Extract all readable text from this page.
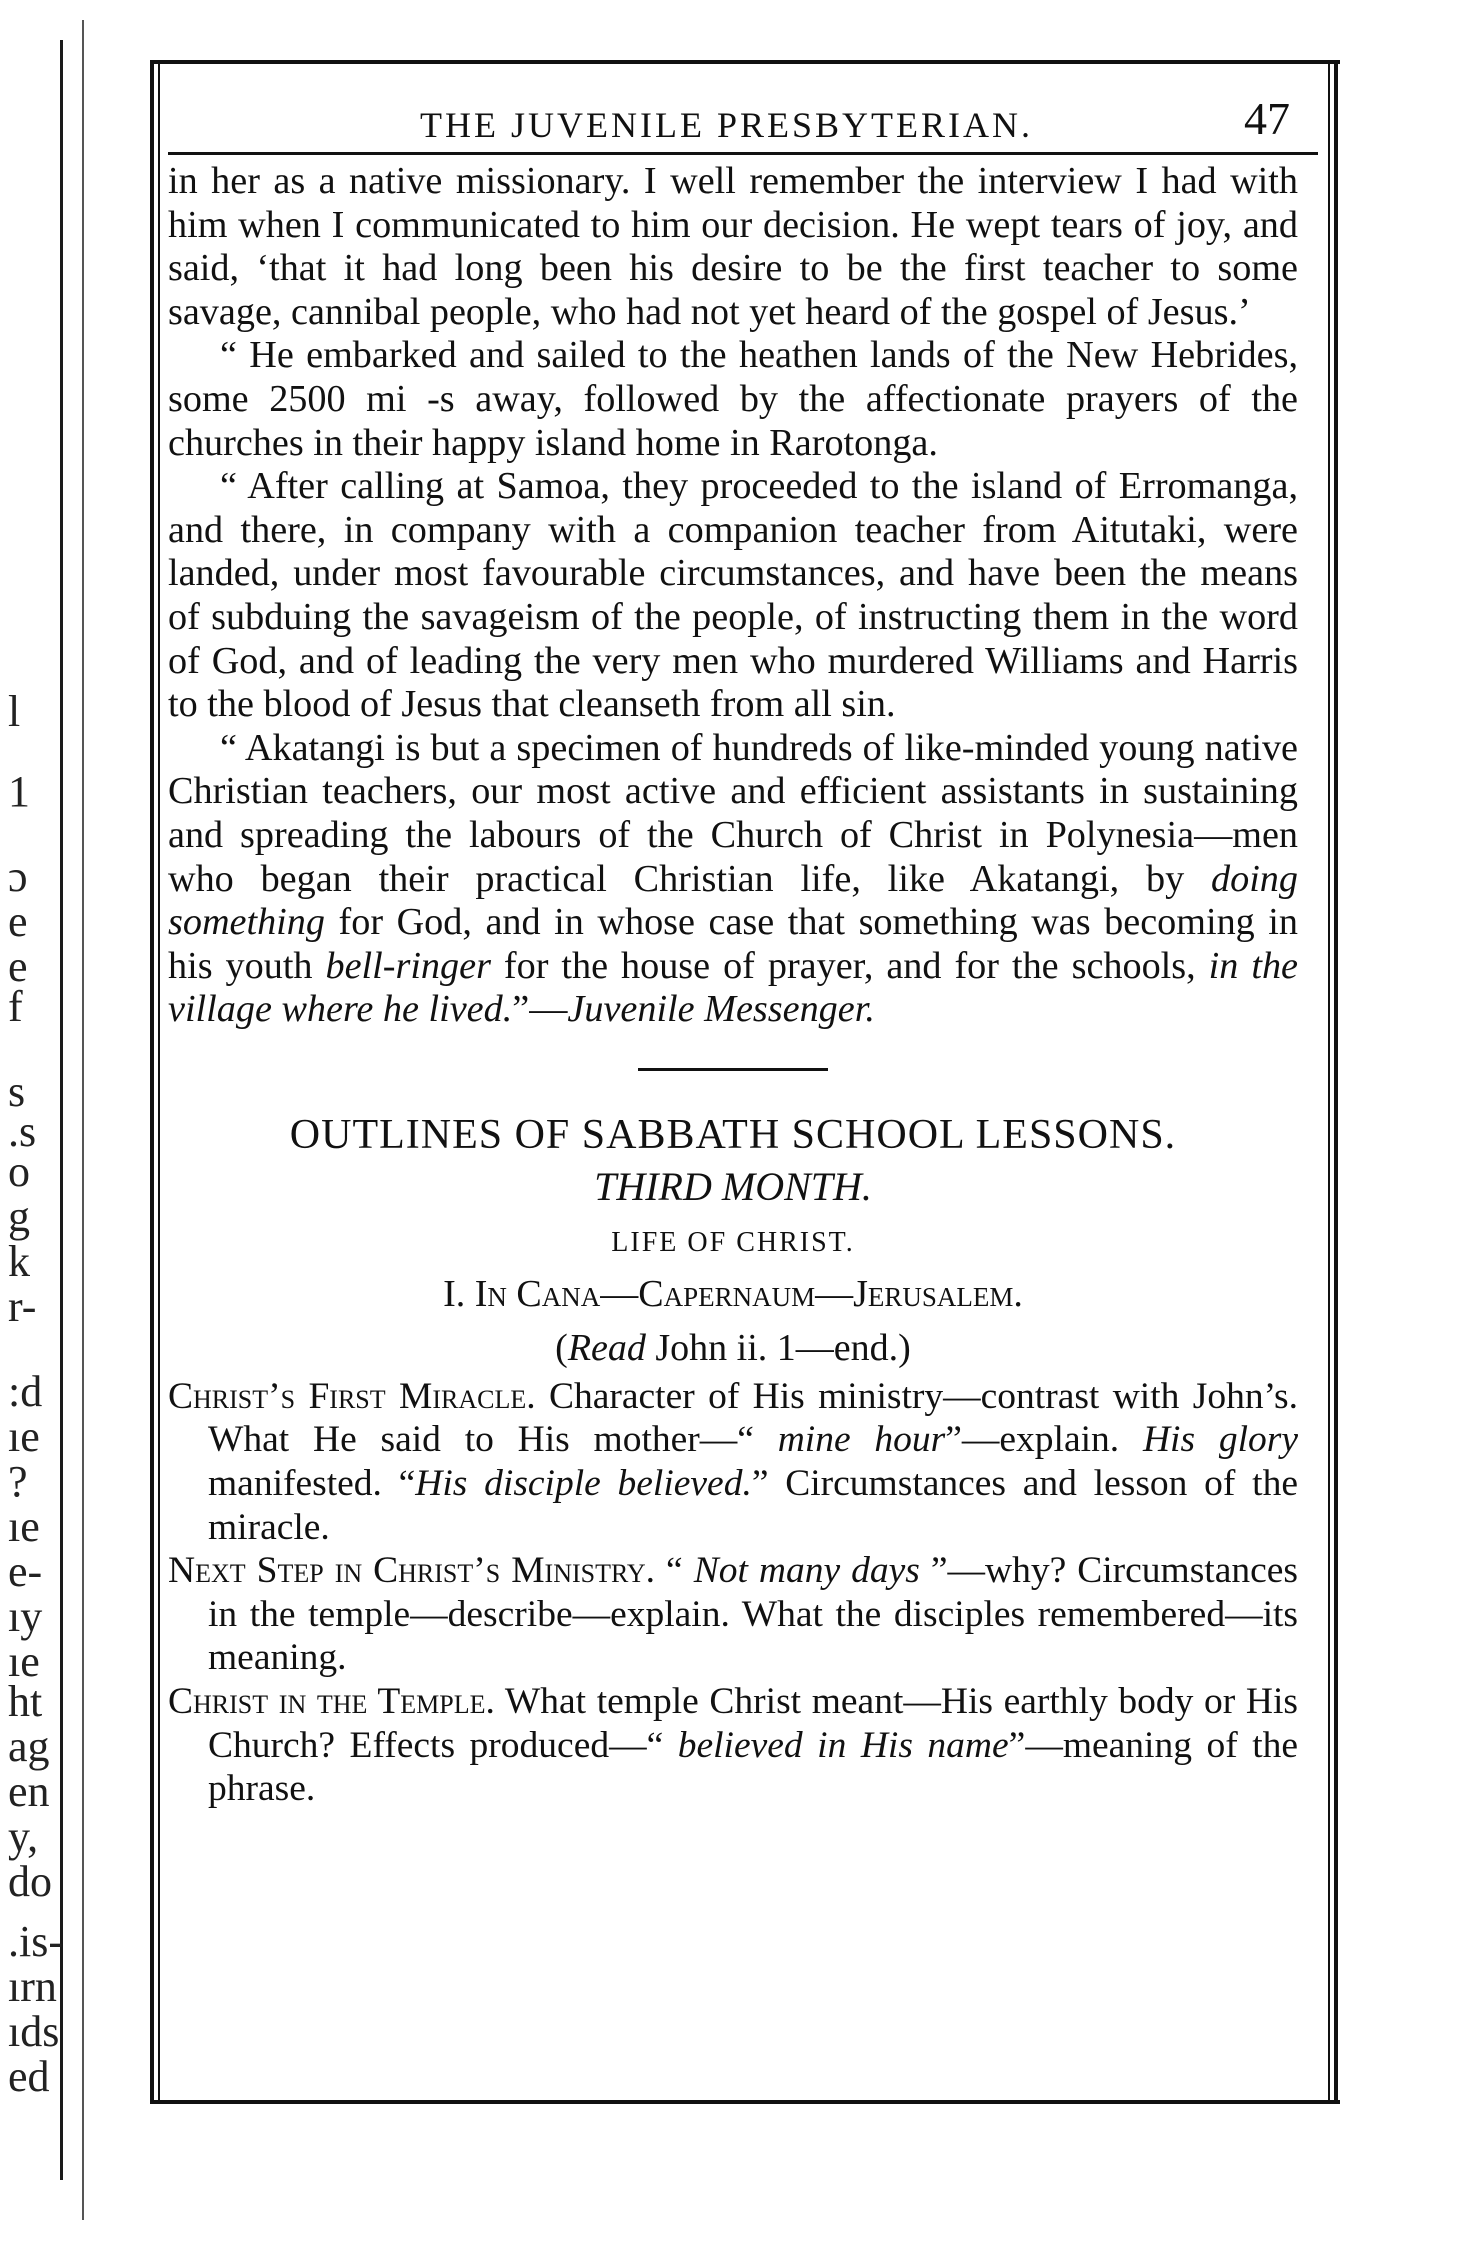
l
1
ɔ
e
e
f
s
.s
o
g
k
r-
:d
ıe
?
ıe
e-
ıy
ıe
ht
ag
en
y,
do
.is-
ırn
ıds
ed
THE JUVENILE PRESBYTERIAN.	47

in her as a native missionary. I well remember the interview I had with him when I communicated to him our decision. He wept tears of joy, and said, ‘that it had long been his desire to be the first teacher to some savage, cannibal people, who had not yet heard of the gospel of Jesus.’

“ He embarked and sailed to the heathen lands of the New Hebrides, some 2500 mi -s away, followed by the affectionate prayers of the churches in their happy island home in Rarotonga.

“ After calling at Samoa, they proceeded to the island of Erromanga, and there, in company with a companion teacher from Aitutaki, were landed, under most favourable circumstances, and have been the means of subduing the savageism of the people, of instructing them in the word of God, and of leading the very men who murdered Williams and Harris to the blood of Jesus that cleanseth from all sin.

“ Akatangi is but a specimen of hundreds of like-minded young native Christian teachers, our most active and efficient assistants in sustaining and spreading the labours of the Church of Christ in Polynesia—men who began their practical Christian life, like Akatangi, by doing something for God, and in whose case that something was becoming in his youth bell-ringer for the house of prayer, and for the schools, in the village where he lived.”—Juvenile Messenger.

OUTLINES OF SABBATH SCHOOL LESSONS.

THIRD MONTH.

LIFE OF CHRIST.

I. In Cana—Capernaum—Jerusalem.

(Read John ii. 1—end.)

Christ’s First Miracle. Character of His ministry—contrast with John’s. What He said to His mother—“ mine hour”—explain. His glory manifested. “His disciple believed.” Circumstances and lesson of the miracle.

Next Step in Christ’s Ministry. “ Not many days ”—why? Circumstances in the temple—describe—explain. What the disciples remembered—its meaning.

Christ in the Temple. What temple Christ meant—His earthly body or His Church? Effects produced—“ believed in His name”—meaning of the phrase.
